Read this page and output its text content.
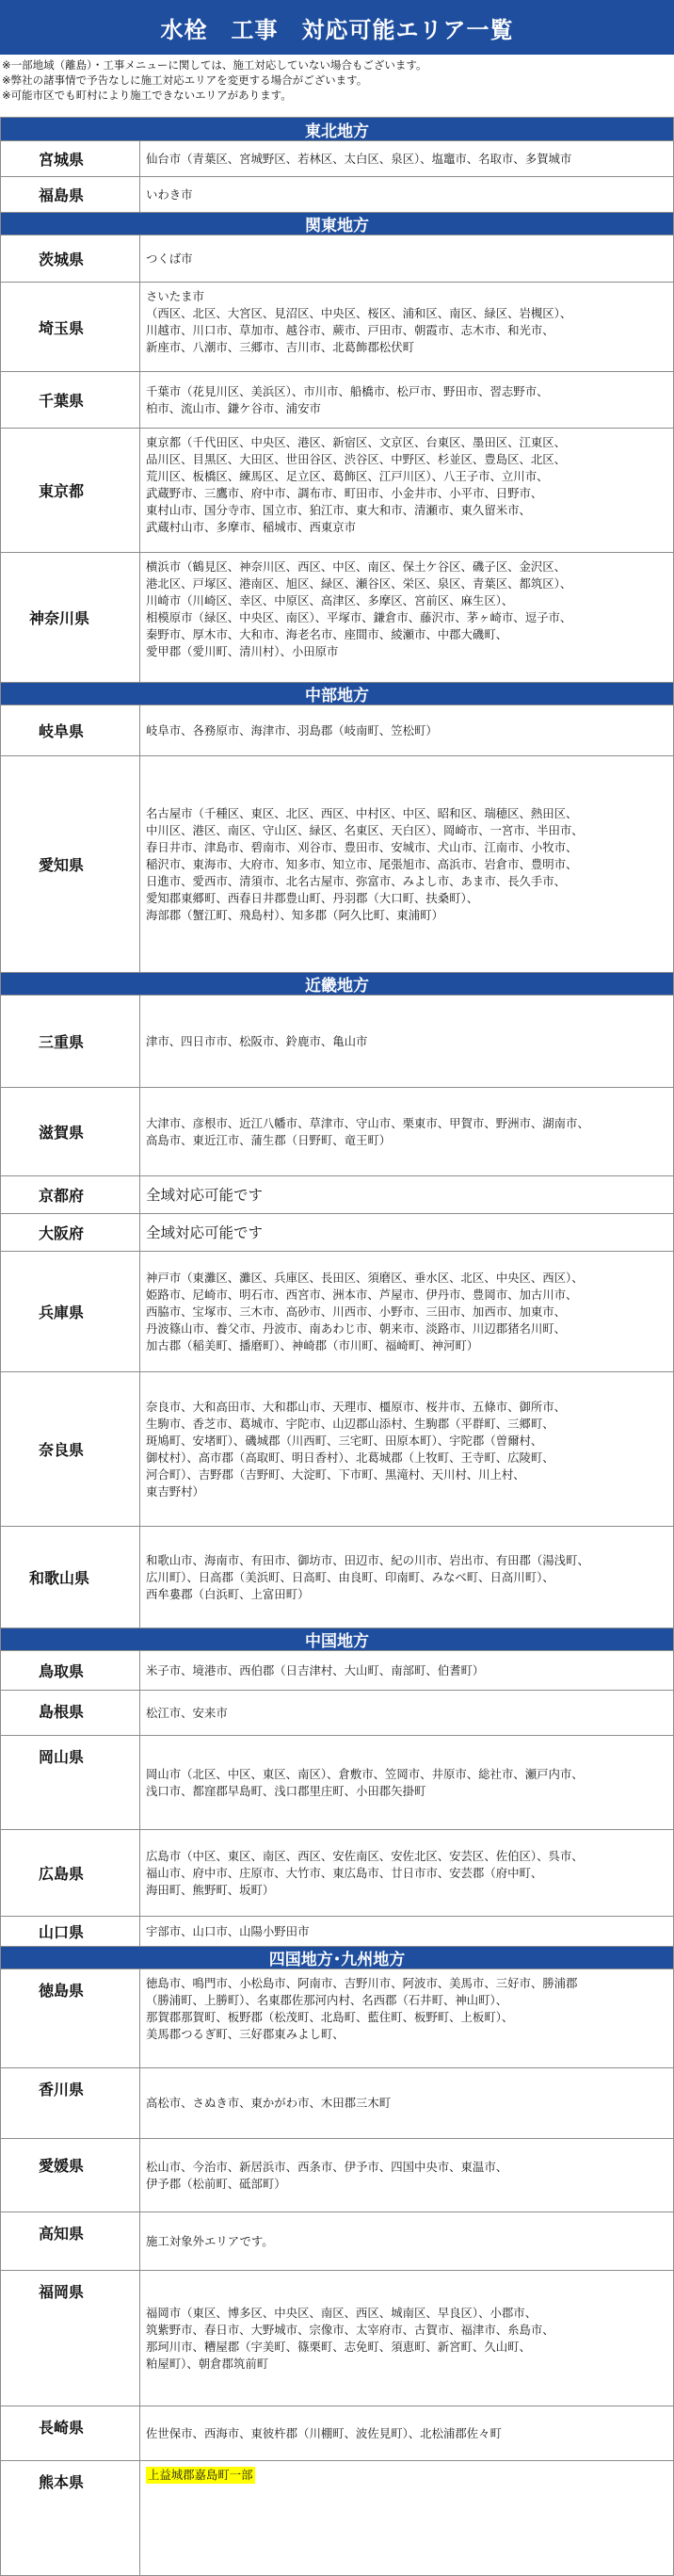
水栓　工事　対応可能エリア一覧
※一部地域（離島）・工事メニューに関しては、施工対応していない場合もございます。
※弊社の諸事情で予告なしに施工対応エリアを変更する場合がございます。
※可能市区でも町村により施工できないエリアがあります。
東北地方
宮城県	仙台市（青葉区、宮城野区、若林区、太白区、泉区）、塩竈市、名取市、多賀城市
福島県	いわき市
関東地方
茨城県	つくば市
埼玉県
さいたま市
（西区、北区、大宮区、見沼区、中央区、桜区、浦和区、南区、緑区、岩槻区）、
川越市、川口市、草加市、越谷市、蕨市、戸田市、朝霞市、志木市、和光市、
新座市、八潮市、三郷市、吉川市、北葛飾郡松伏町
千葉県
千葉市（花見川区、美浜区）、市川市、船橋市、松戸市、野田市、習志野市、
柏市、流山市、鎌ケ谷市、浦安市
東京都
東京都（千代田区、中央区、港区、新宿区、文京区、台東区、墨田区、江東区、
品川区、目黒区、大田区、世田谷区、渋谷区、中野区、杉並区、豊島区、北区、
荒川区、板橋区、練馬区、足立区、葛飾区、江戸川区）、八王子市、立川市、
武蔵野市、三鷹市、府中市、調布市、町田市、小金井市、小平市、日野市、
東村山市、国分寺市、国立市、狛江市、東大和市、清瀬市、東久留米市、
武蔵村山市、多摩市、稲城市、西東京市
神奈川県
横浜市（鶴見区、神奈川区、西区、中区、南区、保土ケ谷区、磯子区、金沢区、
港北区、戸塚区、港南区、旭区、緑区、瀬谷区、栄区、泉区、青葉区、都筑区）、
川崎市（川崎区、幸区、中原区、高津区、多摩区、宮前区、麻生区）、
相模原市（緑区、中央区、南区）、平塚市、鎌倉市、藤沢市、茅ヶ崎市、逗子市、
秦野市、厚木市、大和市、海老名市、座間市、綾瀬市、中郡大磯町、
愛甲郡（愛川町、清川村）、小田原市
中部地方
岐阜県	岐阜市、各務原市、海津市、羽島郡（岐南町、笠松町）
愛知県
名古屋市（千種区、東区、北区、西区、中村区、中区、昭和区、瑞穂区、熱田区、
中川区、港区、南区、守山区、緑区、名東区、天白区）、岡崎市、一宮市、半田市、
春日井市、津島市、碧南市、刈谷市、豊田市、安城市、犬山市、江南市、小牧市、
稲沢市、東海市、大府市、知多市、知立市、尾張旭市、高浜市、岩倉市、豊明市、
日進市、愛西市、清須市、北名古屋市、弥富市、みよし市、あま市、長久手市、
愛知郡東郷町、西春日井郡豊山町、丹羽郡（大口町、扶桑町）、
海部郡（蟹江町、飛島村）、知多郡（阿久比町、東浦町）
近畿地方
三重県	津市、四日市市、松阪市、鈴鹿市、亀山市
滋賀県
大津市、彦根市、近江八幡市、草津市、守山市、栗東市、甲賀市、野洲市、湖南市、
高島市、東近江市、蒲生郡（日野町、竜王町）
京都府	全域対応可能です
大阪府	全域対応可能です
兵庫県
神戸市（東灘区、灘区、兵庫区、長田区、須磨区、垂水区、北区、中央区、西区）、
姫路市、尼崎市、明石市、西宮市、洲本市、芦屋市、伊丹市、豊岡市、加古川市、
西脇市、宝塚市、三木市、高砂市、川西市、小野市、三田市、加西市、加東市、
丹波篠山市、養父市、丹波市、南あわじ市、朝来市、淡路市、川辺郡猪名川町、
加古郡（稲美町、播磨町）、神崎郡（市川町、福崎町、神河町）
奈良県
奈良市、大和高田市、大和郡山市、天理市、橿原市、桜井市、五條市、御所市、
生駒市、香芝市、葛城市、宇陀市、山辺郡山添村、生駒郡（平群町、三郷町、
斑鳩町、安堵町）、磯城郡（川西町、三宅町、田原本町）、宇陀郡（曽爾村、
御杖村）、高市郡（高取町、明日香村）、北葛城郡（上牧町、王寺町、広陵町、
河合町）、吉野郡（吉野町、大淀町、下市町、黒滝村、天川村、川上村、
東吉野村）
和歌山県
和歌山市、海南市、有田市、御坊市、田辺市、紀の川市、岩出市、有田郡（湯浅町、
広川町）、日高郡（美浜町、日高町、由良町、印南町、みなべ町、日高川町）、
西牟婁郡（白浜町、上富田町）
中国地方
鳥取県	米子市、境港市、西伯郡（日吉津村、大山町、南部町、伯耆町）
島根県	松江市、安来市
岡山県
岡山市（北区、中区、東区、南区）、倉敷市、笠岡市、井原市、総社市、瀬戸内市、
浅口市、都窪郡早島町、浅口郡里庄町、小田郡矢掛町
広島県
広島市（中区、東区、南区、西区、安佐南区、安佐北区、安芸区、佐伯区）、呉市、
福山市、府中市、庄原市、大竹市、東広島市、廿日市市、安芸郡（府中町、
海田町、熊野町、坂町）
山口県	宇部市、山口市、山陽小野田市
四国地方･九州地方
徳島県	徳島市、鳴門市、小松島市、阿南市、吉野川市、阿波市、美馬市、三好市、勝浦郡
（勝浦町、上勝町）、名東郡佐那河内村、名西郡（石井町、神山町）、
那賀郡那賀町、板野郡（松茂町、北島町、藍住町、板野町、上板町）、
美馬郡つるぎ町、三好郡東みよし町、
香川県
高松市、さぬき市、東かがわ市、木田郡三木町
愛媛県	松山市、今治市、新居浜市、西条市、伊予市、四国中央市、東温市、
伊予郡（松前町、砥部町）
高知県	施工対象外エリアです。
福岡県
福岡市（東区、博多区、中央区、南区、西区、城南区、早良区）、小郡市、
筑紫野市、春日市、大野城市、宗像市、太宰府市、古賀市、福津市、糸島市、
那珂川市、糟屋郡（宇美町、篠栗町、志免町、須恵町、新宮町、久山町、
粕屋町）、朝倉郡筑前町
長崎県	佐世保市、西海市、東彼杵郡（川棚町、波佐見町）、北松浦郡佐々町
熊本県	上益城郡嘉島町一部
